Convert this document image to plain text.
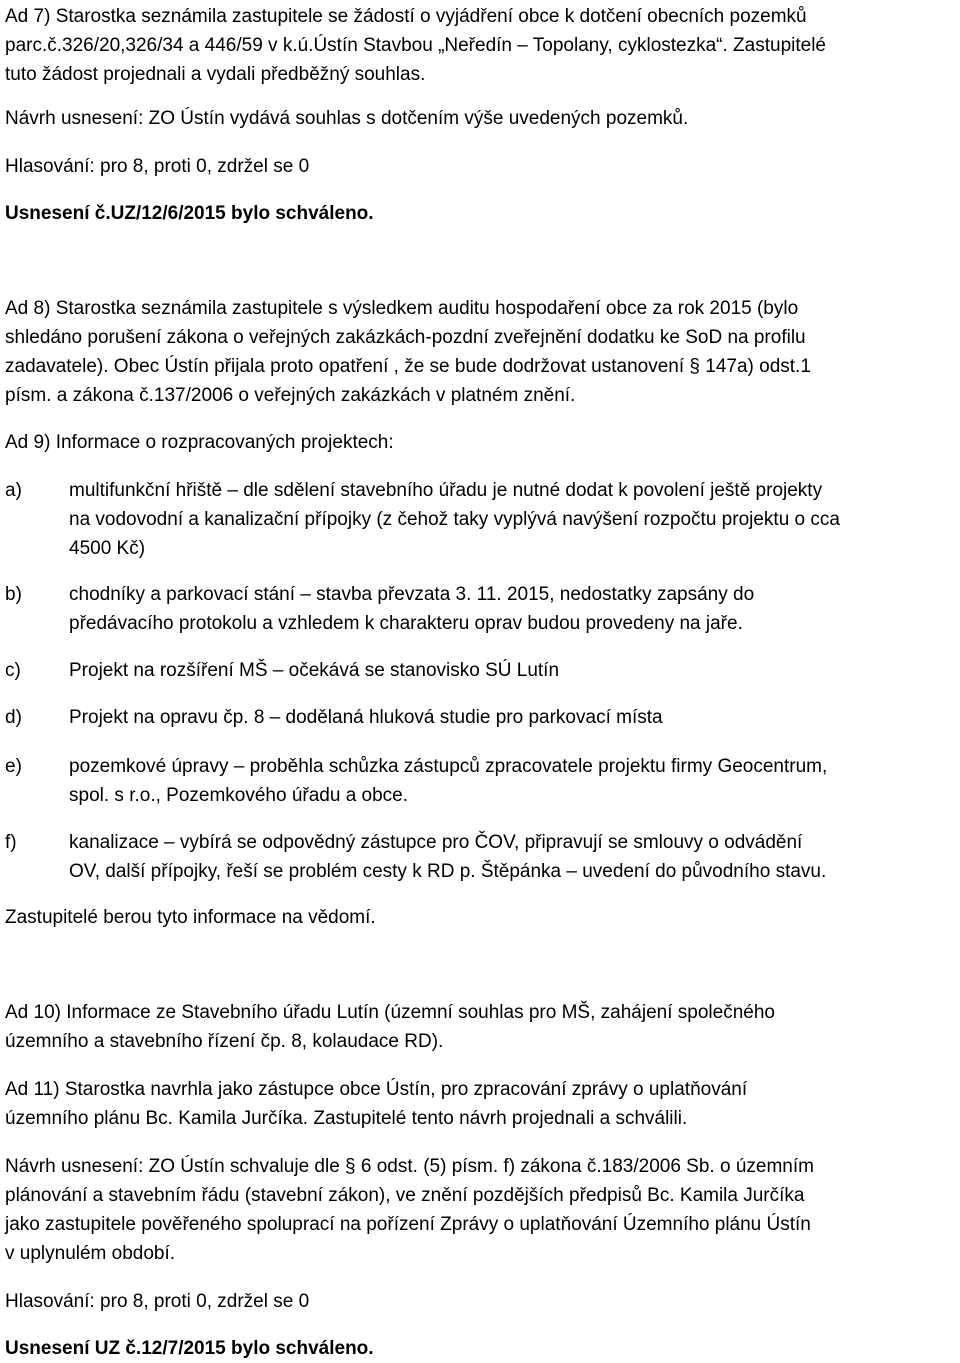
Ad 7) Starostka seznámila zastupitele se žádostí o vyjádření obce k dotčení obecních pozemků

parc.č.326/20,326/34 a 446/59 v k.ú.Ústín Stavbou „Neředín – Topolany, cyklostezka“. Zastupitelé

tuto žádost projednali a vydali předběžný souhlas.

Návrh usnesení: ZO Ústín vydává souhlas s dotčením výše uvedených pozemků.

Hlasování: pro 8, proti 0, zdržel se 0

Usnesení č.UZ/12/6/2015 bylo schváleno.

Ad 8) Starostka seznámila zastupitele s výsledkem auditu hospodaření obce za rok 2015 (bylo

shledáno porušení zákona o veřejných zakázkách-pozdní zveřejnění dodatku ke SoD na profilu

zadavatele). Obec Ústín přijala proto opatření , že se bude dodržovat ustanovení § 147a) odst.1

písm. a zákona č.137/2006 o veřejných zakázkách v platném znění.

Ad 9) Informace o rozpracovaných projektech:

a) multifunkční hřiště – dle sdělení stavebního úřadu je nutné dodat k povolení ještě projekty
na vodovodní a kanalizační přípojky (z čehož taky vyplývá navýšení rozpočtu projektu o cca
4500 Kč)
b) chodníky a parkovací stání – stavba převzata 3. 11. 2015, nedostatky zapsány do
předávacího protokolu a vzhledem k charakteru oprav budou provedeny na jaře.
c)	Projekt na rozšíření MŠ – očekává se stanovisko SÚ Lutín
d) Projekt na opravu čp. 8 – dodělaná hluková studie pro parkovací místa
e) pozemkové úpravy – proběhla schůzka zástupců zpracovatele projektu firmy Geocentrum,
spol. s r.o., Pozemkového úřadu a obce.
f)	kanalizace – vybírá se odpovědný zástupce pro ČOV, připravují se smlouvy o odvádění
OV, další přípojky, řeší se problém cesty k RD p. Štěpánka – uvedení do původního stavu.

Zastupitelé berou tyto informace na vědomí.

Ad 10) Informace ze Stavebního úřadu Lutín (územní souhlas pro MŠ, zahájení společného

územního a stavebního řízení čp. 8, kolaudace RD).

Ad 11) Starostka navrhla jako zástupce obce Ústín, pro zpracování zprávy o uplatňování

územního plánu Bc. Kamila Jurčíka. Zastupitelé tento návrh projednali a schválili.

Návrh usnesení: ZO Ústín schvaluje dle § 6 odst. (5) písm. f) zákona č.183/2006 Sb. o územním

plánování a stavebním řádu (stavební zákon), ve znění pozdějších předpisů Bc. Kamila Jurčíka

jako zastupitele pověřeného spoluprací na pořízení Zprávy o uplatňování Územního plánu Ústín

v uplynulém období.

Hlasování: pro 8, proti 0, zdržel se 0

Usnesení UZ č.12/7/2015 bylo schváleno.
